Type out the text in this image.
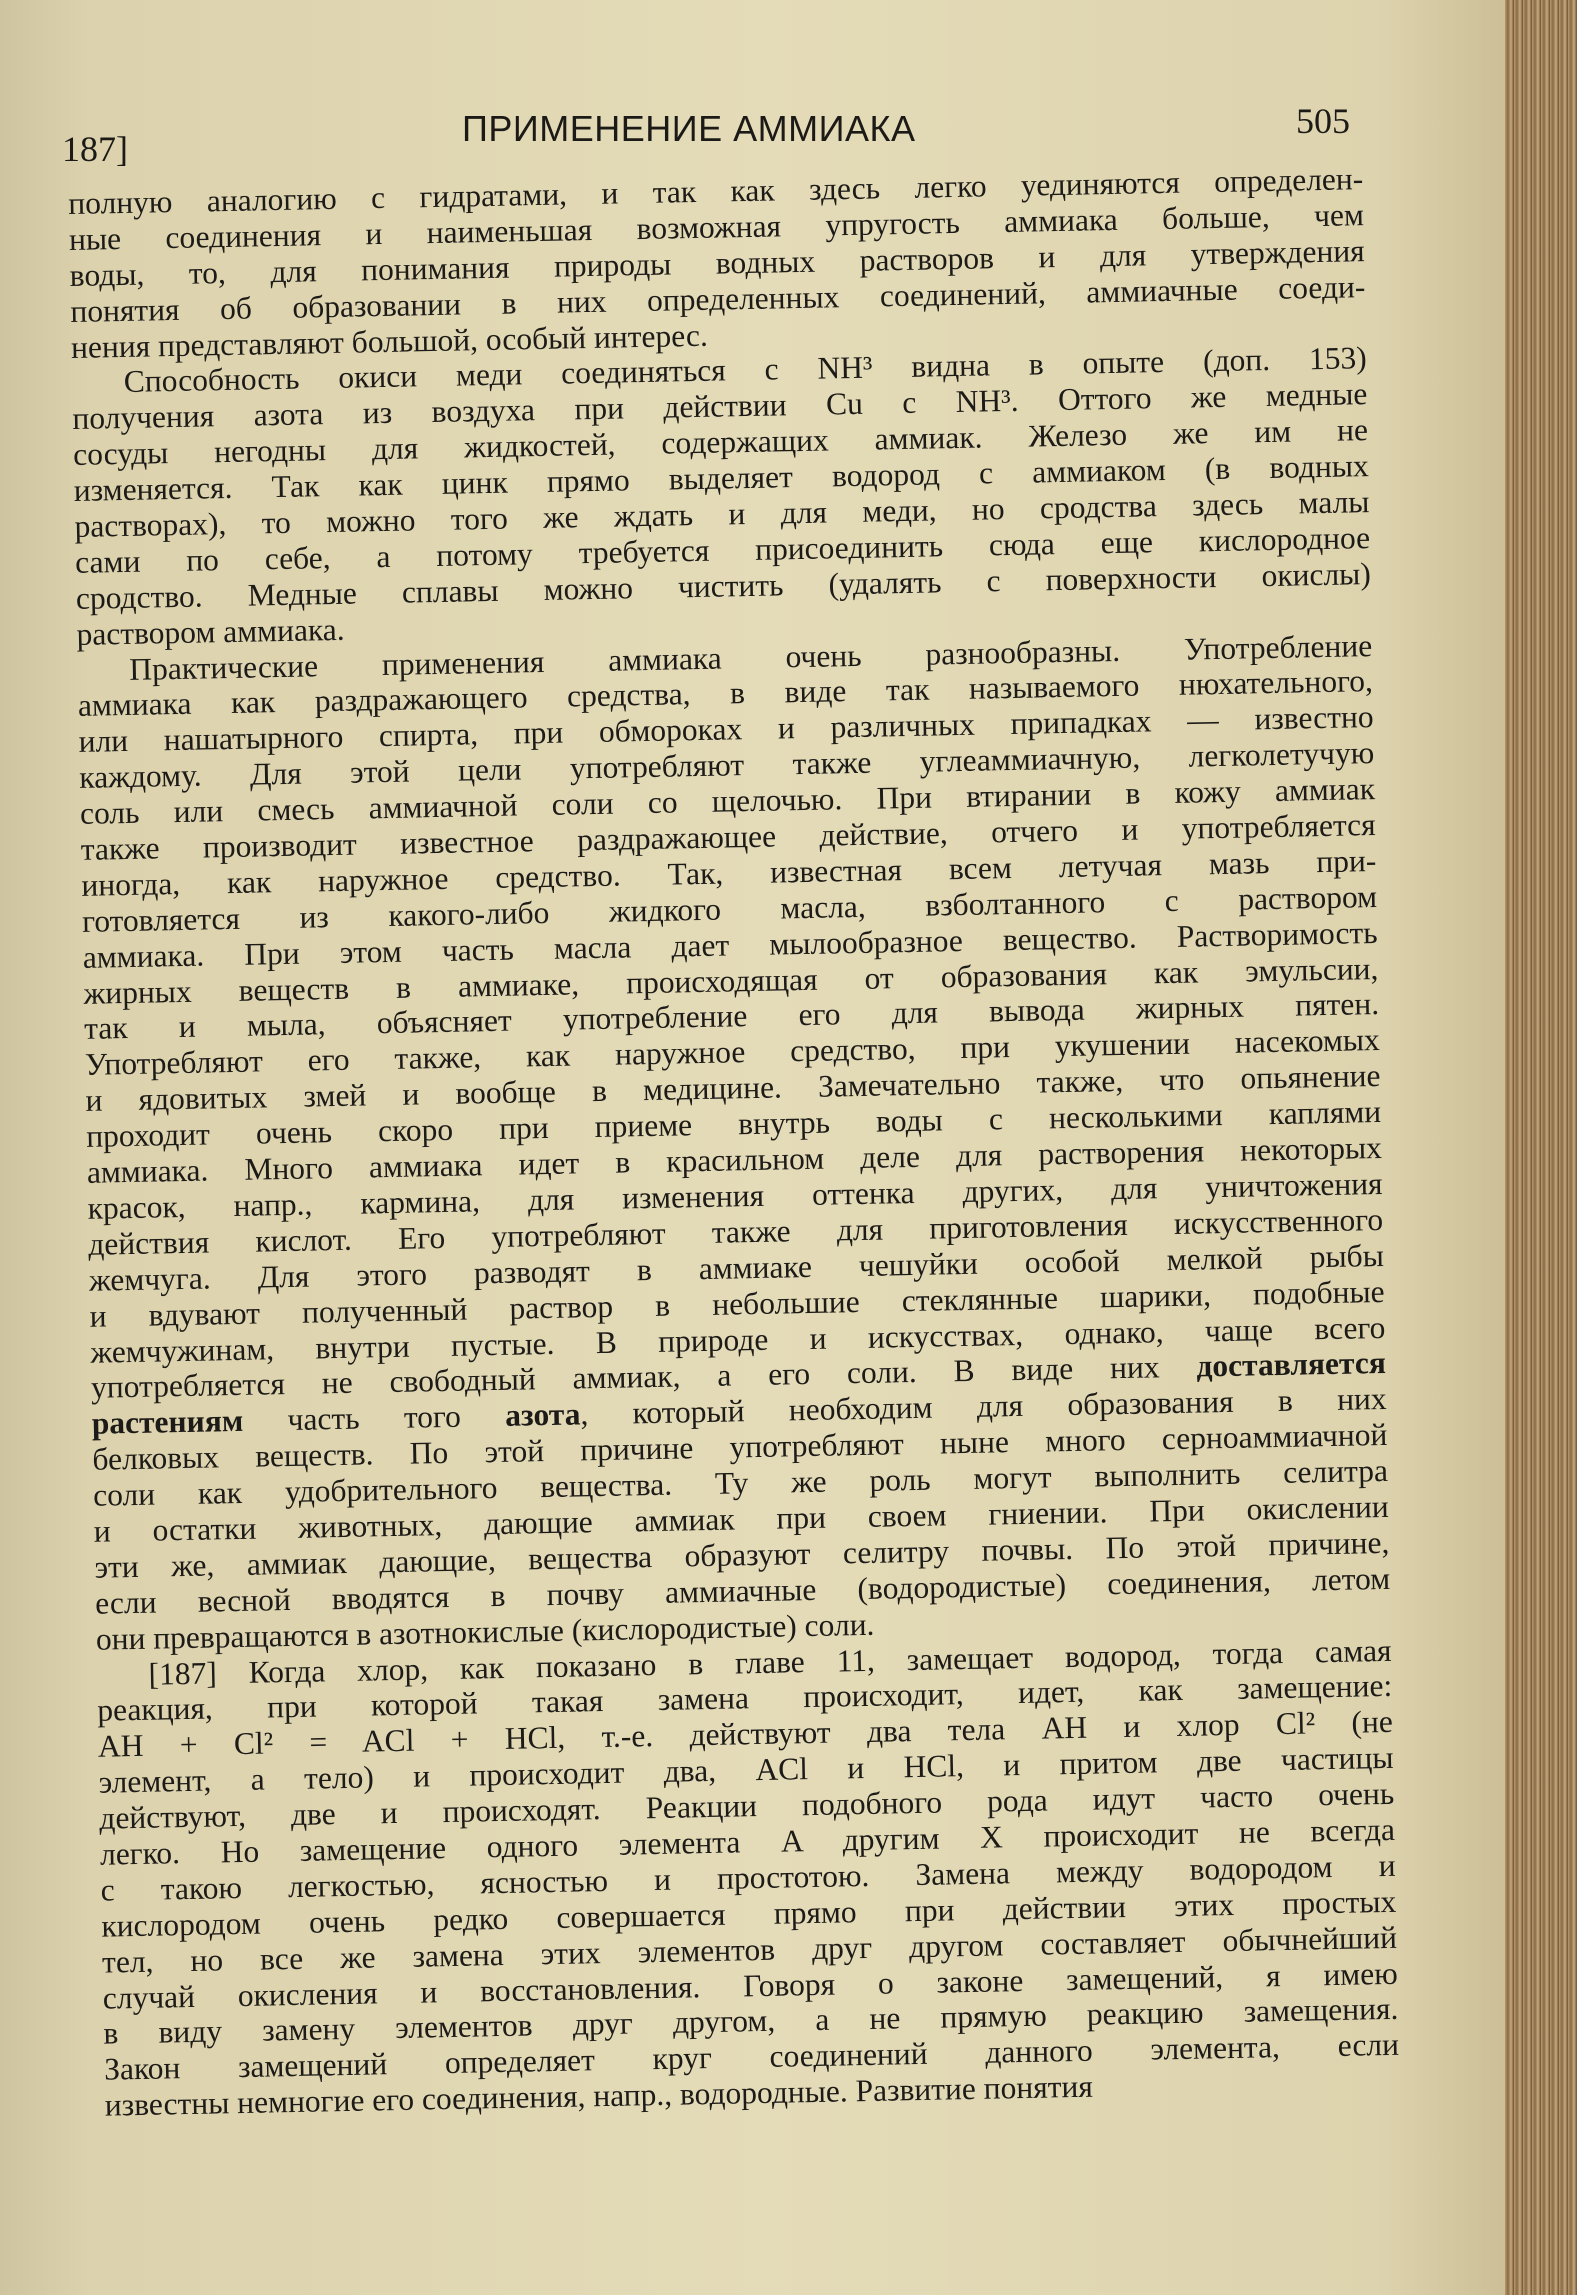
187]	ПРИМЕНЕНИЕ АММИАКА	505
полную аналогию с гидратами, и так как здесь легко уединяются определен-
ные соединения и наименьшая возможная упругость аммиака больше, чем
воды, то, для понимания природы водных растворов и для утверждения
понятия об образовании в них определенных соединений, аммиачные соеди-
нения представляют большой, особый интерес.
Способность окиси меди соединяться с NH³ видна в опыте (доп. 153)
получения азота из воздуха при действии Cu с NH³. Оттого же медные
сосуды негодны для жидкостей, содержащих аммиак. Железо же им не
изменяется. Так как цинк прямо выделяет водород с аммиаком (в водных
растворах), то можно того же ждать и для меди, но сродства здесь малы
сами по себе, а потому требуется присоединить сюда еще кислородное
сродство. Медные сплавы можно чистить (удалять с поверхности окислы)
раствором аммиака.
Практические применения аммиака очень разнообразны. Употребление
аммиака как раздражающего средства, в виде так называемого нюхательного,
или нашатырного спирта, при обмороках и различных припадках — известно
каждому. Для этой цели употребляют также углеаммиачную, легколетучую
соль или смесь аммиачной соли со щелочью. При втирании в кожу аммиак
также производит известное раздражающее действие, отчего и употребляется
иногда, как наружное средство. Так, известная всем летучая мазь при-
готовляется из какого-либо жидкого масла, взболтанного с раствором
аммиака. При этом часть масла дает мылообразное вещество. Растворимость
жирных веществ в аммиаке, происходящая от образования как эмульсии,
так и мыла, объясняет употребление его для вывода жирных пятен.
Употребляют его также, как наружное средство, при укушении насекомых
и ядовитых змей и вообще в медицине. Замечательно также, что опьянение
проходит очень скоро при приеме внутрь воды с несколькими каплями
аммиака. Много аммиака идет в красильном деле для растворения некоторых
красок, напр., кармина, для изменения оттенка других, для уничтожения
действия кислот. Его употребляют также для приготовления искусственного
жемчуга. Для этого разводят в аммиаке чешуйки особой мелкой рыбы
и вдувают полученный раствор в небольшие стеклянные шарики, подобные
жемчужинам, внутри пустые. В природе и искусствах, однако, чаще всего
употребляется не свободный аммиак, а его соли. В виде них доставляется
растениям часть того азота, который необходим для образования в них
белковых веществ. По этой причине употребляют ныне много сернoаммиачной
соли как удобрительного вещества. Ту же роль могут выполнить селитра
и остатки животных, дающие аммиак при своем гниении. При окислении
эти же, аммиак дающие, вещества образуют селитру почвы. По этой причине,
если весной вводятся в почву аммиачные (водородистые) соединения, летом
они превращаются в азотнокислые (кислородистые) соли.
[187] Когда хлор, как показано в главе 11, замещает водород, тогда самая
реакция, при которой такая замена происходит, идет, как замещение:
AH + Cl² = ACl + HCl, т.-е. действуют два тела AH и хлор Cl² (не
элемент, а тело) и происходит два, ACl и HCl, и притом две частицы
действуют, две и происходят. Реакции подобного рода идут часто очень
легко. Но замещение одного элемента A другим X происходит не всегда
с такою легкостью, ясностью и простотою. Замена между водородом и
кислородом очень редко совершается прямо при действии этих простых
тел, но все же замена этих элементов друг другом составляет обычнейший
случай окисления и восстановления. Говоря о законе замещений, я имею
в виду замену элементов друг другом, а не прямую реакцию замещения.
Закон замещений определяет круг соединений данного элемента, если
известны немногие его соединения, напр., водородные. Развитие понятия
